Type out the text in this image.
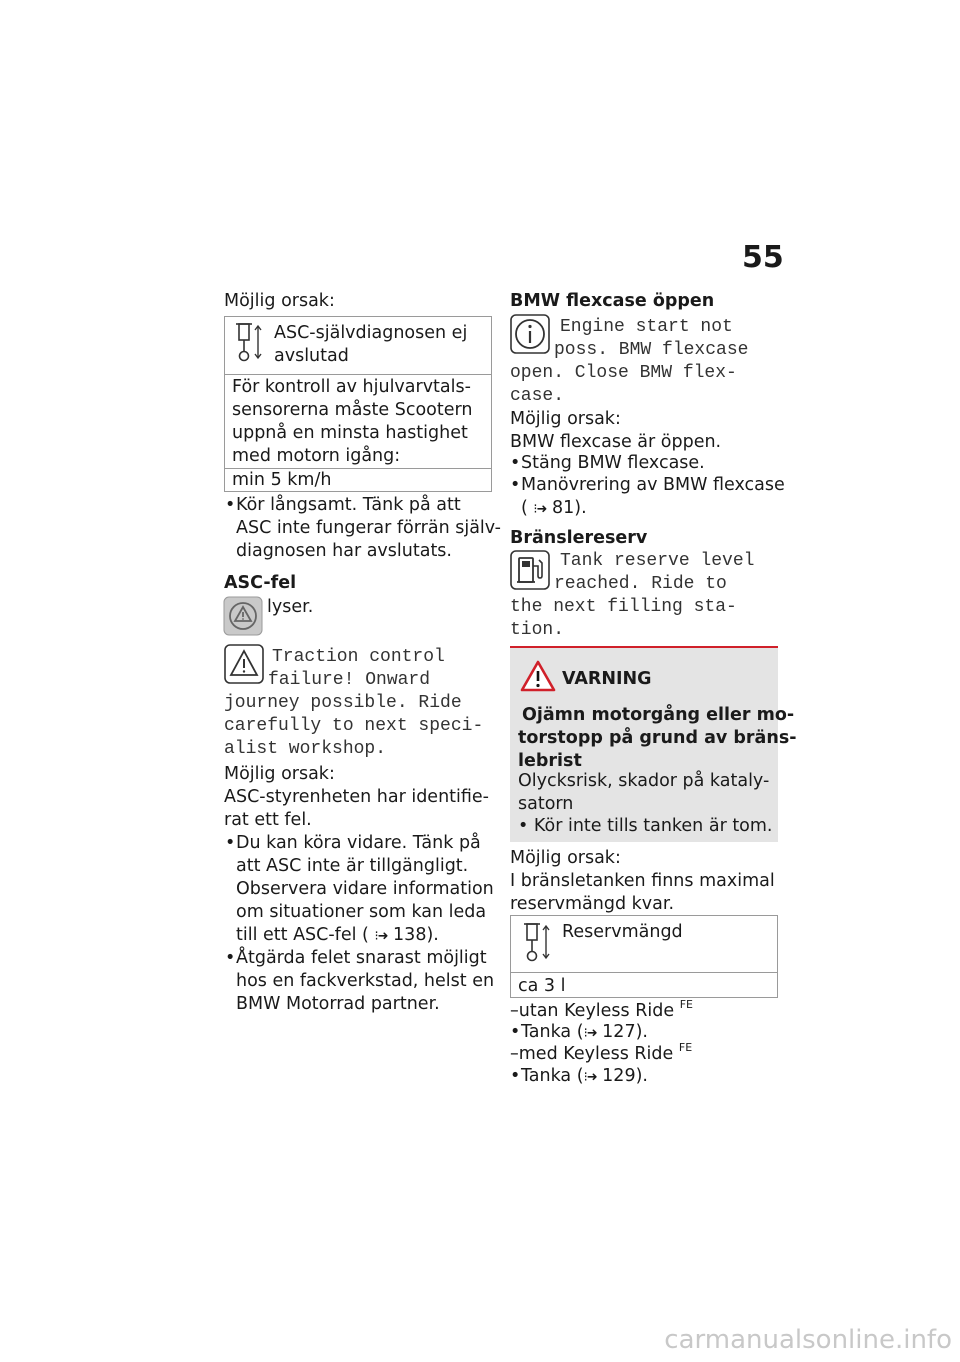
55
Möjlig orsak:
ASC-självdiagnosen ej
avslutad
För kontroll av hjulvarvtals-
sensorerna måste Scootern
uppnå en minsta hastighet
med motorn igång:
min 5 km/h
• Kör långsamt. Tänk på att
ASC inte fungerar förrän själv-
diagnosen har avslutats.
ASC-fel
lyser.
Traction control
failure! Onward
journey possible. Ride
carefully to next speci-
alist workshop.
Möjlig orsak:
ASC-styrenheten har identifie-
rat ett fel.
• Du kan köra vidare. Tänk på
att ASC inte är tillgängligt.
Observera vidare information
om situationer som kan leda
till ett ASC-fel ( ⁝➜ 138).
• Åtgärda felet snarast möjligt
hos en fackverkstad, helst en
BMW Motorrad partner.
BMW flexcase öppen
Engine start not
poss. BMW flexcase
open. Close BMW flex-
case.
Möjlig orsak:
BMW flexcase är öppen.
• Stäng BMW flexcase.
• Manövrering av BMW flexcase
( ⁝➜ 81).
Bränslereserv
Tank reserve level
reached. Ride to
the next filling sta-
tion.
VARNING
Ojämn motorgång eller mo-
torstopp på grund av bräns-
lebrist
Olycksrisk, skador på kataly-
satorn
• Kör inte tills tanken är tom.
Möjlig orsak:
I bränsletanken finns maximal
reservmängd kvar.
Reservmängd
ca 3 l
–utan Keyless Ride $^{FE}$
• Tanka (⁝➜ 127).
–med Keyless Ride $^{FE}$
• Tanka (⁝➜ 129).
carmanualsonline.info
